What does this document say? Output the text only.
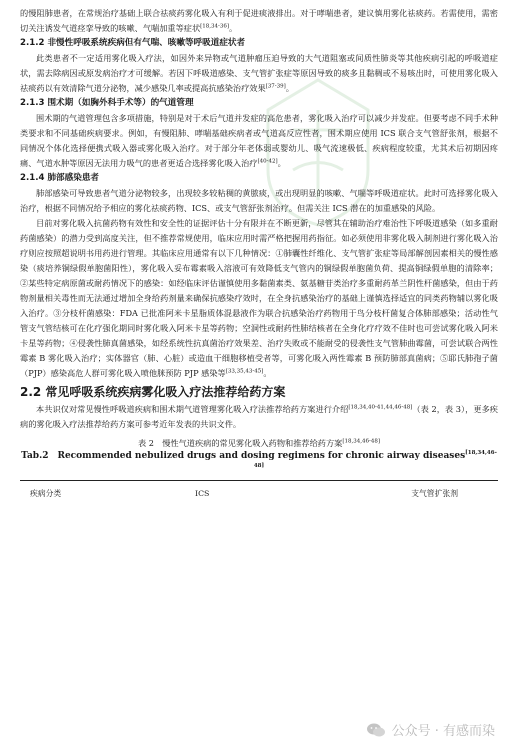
的慢阻肺患者，在常规治疗基础上联合祛痰药雾化吸入有利于促进痰液排出。对于哮喘患者，建议慎用雾化祛痰药。若需使用，需密切关注诱发气道痉挛导致的咳嗽、气喘加重等症状[18,34-36]。

2.1.2 非慢性呼吸系统疾病但有气喘、咳嗽等呼吸道症状者

此类患者不一定适用雾化吸入疗法，如因外来异物或气道肿瘤压迫导致的大气道阻塞或间质性肺炎等其他疾病引起的呼吸道症状，需去除病因或原发病治疗才可缓解。若因下呼吸道感染、支气管扩张症等原因导致的痰多且黏稠或不易咳出时，可使用雾化吸入祛痰药以有效清除气道分泌物，减少感染几率或提高抗感染治疗效果[37-39]。

2.1.3 围术期（如胸外科手术等）的气道管理

围术期的气道管理包含多项措施，特别是对于术后气道并发症的高危患者，雾化吸入治疗可以减少并发症。但要考虑不同手术种类要求和不同基础疾病要求。例如，有慢阻肺、哮喘基础疾病者或气道高反应性者，围术期应使用 ICS 联合支气管舒张剂，根据不同情况个体化选择便携式吸入器或雾化吸入治疗。对于部分年老体弱或婴幼儿、吸气流速极低、疾病程度较重，尤其术后初期因疼痛、气道水肿等原因无法用力吸气的患者更适合选择雾化吸入治疗[40-42]。

2.1.4 肺部感染患者

肺部感染可导致患者气道分泌物较多，出现较多较粘稠的黄脓痰，或出现明显的咳嗽、气喘等呼吸道症状。此时可选择雾化吸入治疗，根据不同情况给予相应的雾化祛痰药物、ICS、或支气管舒张剂治疗。但需关注 ICS 潜在的加重感染的风险。

目前对雾化吸入抗菌药物有效性和安全性的证据评估十分有限并在不断更新，尽管其在辅助治疗难治性下呼吸道感染（如多重耐药菌感染）的潜力受到高度关注，但不推荐常规使用，临床应用时需严格把握用药指征。如必须使用非雾化吸入制剂进行雾化吸入治疗则应按照超说明书用药进行管理。其临床应用通常有以下几种情况：①肺囊性纤维化、支气管扩张症等局部解剖因素相关的慢性感染（痰培养铜绿假单胞菌阳性），雾化吸入妥布霉素吸入溶液可有效降低支气管内的铜绿假单胞菌负荷、提高铜绿假单胞的清除率；②某些特定病原菌或耐药情况下的感染：如经临床评估谨慎使用多黏菌素类、氨基糖苷类治疗多重耐药革兰阴性杆菌感染，但由于药物剂量相关毒性而无法通过增加全身给药剂量来确保抗感染疗效时，在全身抗感染治疗的基础上谨慎选择适宜的同类药物辅以雾化吸入治疗。③分枝杆菌感染：FDA 已批准阿米卡星脂质体混悬液作为联合抗感染治疗药物用于鸟分枝杆菌复合体肺部感染；活动性气管支气管结核可在化疗强化期同时雾化吸入阿米卡星等药物；空洞性或耐药性肺结核者在全身化疗疗效不佳时也可尝试雾化吸入阿米卡星等药物；④侵袭性肺真菌感染，如经系统性抗真菌治疗效果差、治疗失败或不能耐受的侵袭性支气管肺曲霉菌，可尝试联合两性霉素 B 雾化吸入治疗；实体器官（肺、心脏）或造血干细胞移植受者等，可雾化吸入两性霉素 B 预防肺部真菌病；⑤耶氏肺孢子菌（PJP）感染高危人群可雾化吸入喷他脒预防 PJP 感染等[33,35,43-45]。

2.2 常见呼吸系统疾病雾化吸入疗法推荐给药方案

本共识仅对常见慢性呼吸道疾病和围术期气道管理雾化吸入疗法推荐给药方案进行介绍[18,34,40-41,44,46-48]（表 2，表 3），更多疾病的雾化吸入疗法推荐给药方案可参考近年发表的共识文件。

表 2　慢性气道疾病的常见雾化吸入药物和推荐给药方案[18,34,46-48]
Tab.2　Recommended nebulized drugs and dosing regimens for chronic airway diseases[18,34,46-48]
疾病分类	ICS	支气管扩张剂
公众号 · 有感而染
